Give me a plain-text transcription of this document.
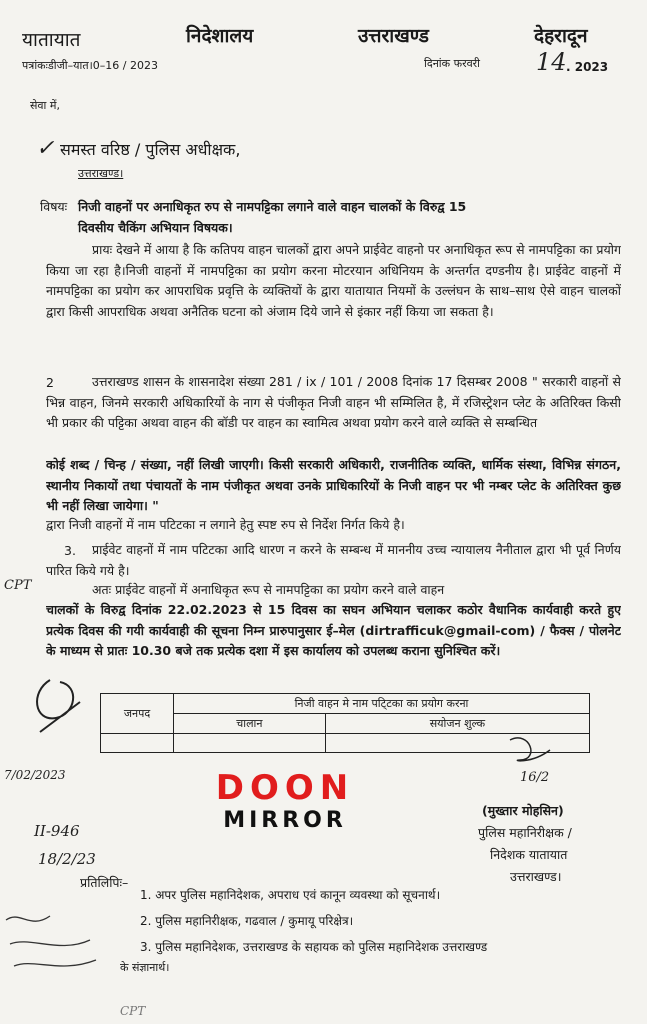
यातायात	निदेशालय	उत्तराखण्ड	देहरादून
पत्रांकःडीजी–यात।0–16 / 2023	दिनांक फरवरी 14 . 2023
सेवा में,
✓ समस्त वरिष्ठ / पुलिस अधीक्षक,
उत्तराखण्ड।
विषयः निजी वाहनों पर अनाधिकृत रुप से नामपट्टिका लगाने वाले वाहन चालकों के विरुद्व 15
दिवसीय चैकिंग अभियान विषयक।
प्रायः देखने में आया है कि कतिपय वाहन चालकों द्वारा अपने प्राईवेट वाहनो पर अनाधिकृत रूप से नामपट्टिका का प्रयोग किया जा रहा है।निजी वाहनों में नामपट्टिका का प्रयोग करना मोटरयान अधिनियम के अन्तर्गत दण्डनीय है। प्राईवेट वाहनों में नामपट्टिका का प्रयोग कर आपराधिक प्रवृत्ति के व्यक्तियों के द्वारा यातायात नियमों के उल्लंघन के साथ–साथ ऐसे वाहन चालकों द्वारा किसी आपराधिक अथवा अनैतिक घटना को अंजाम दिये जाने से इंकार नहीं किया जा सकता है।
2	उत्तराखण्ड शासन के शासनादेश संख्या 281 / ix / 101 / 2008 दिनांक 17 दिसम्बर 2008 " सरकारी वाहनों से भिन्न वाहन, जिनमे सरकारी अधिकारियों के नाग से पंजीकृत निजी वाहन भी सम्मिलित है, में रजिस्ट्रेशन प्लेट के अतिरिक्त किसी भी प्रकार की पट्टिका अथवा वाहन की बॉडी पर वाहन का स्वामित्व अथवा प्रयोग करने वाले व्यक्ति से सम्बन्धित
कोई शब्द / चिन्ह / संख्या, नहीं लिखी जाएगी। किसी सरकारी अधिकारी, राजनीतिक व्यक्ति, धार्मिक संस्था, विभिन्न संगठन, स्थानीय निकायों तथा पंचायतों के नाम पंजीकृत अथवा उनके प्राधिकारियों के निजी वाहन पर भी नम्बर प्लेट के अतिरिक्त कुछ भी नहीं लिखा जायेगा। "
द्वारा निजी वाहनों में नाम पटिटका न लगाने हेतु स्पष्ट रुप से निर्देश निर्गत किये है।
3.	प्राईवेट वाहनों में नाम पटिटका आदि धारण न करने के सम्बन्ध में माननीय उच्च न्यायालय नैनीताल द्वारा भी पूर्व निर्णय पारित किये गये है।
अतः प्राईवेट वाहनों में अनाधिकृत रूप से नामपट्टिका का प्रयोग करने वाले वाहन
चालकों के विरुद्व दिनांक 22.02.2023 से 15 दिवस का सघन अभियान चलाकर कठोर वैधानिक कार्यवाही करते हुए प्रत्येक दिवस की गयी कार्यवाही की सूचना निम्न प्रारुपानुसार ई–मेल (dirtrafficuk@gmail-com) / फैक्स / पोलनेट के माध्यम से प्रातः 10.30 बजे तक प्रत्येक दशा में इस कार्यालय को उपलब्ध कराना सुनिश्चित करें।
जनपद	निजी वाहन मे नाम पटि्टका का प्रयोग करना	
	चालान	सयोजन शुल्क

DOON
MIRROR
16/2
(मुख्तार मोहसिन)
पुलिस महानिरीक्षक /
निदेशक यातायात
उत्तराखण्ड।
CPT
7/02/2023
II-946
18/2/23
प्रतिलिपिः–
1. अपर पुलिस महानिदेशक, अपराध एवं कानून व्यवस्था को सूचनार्थ।
2. पुलिस महानिरीक्षक, गढवाल / कुमायू परिक्षेत्र।
3. पुलिस महानिदेशक, उत्तराखण्ड के सहायक को पुलिस महानिदेशक उत्तराखण्ड
के संज्ञानार्थ।
CPT
